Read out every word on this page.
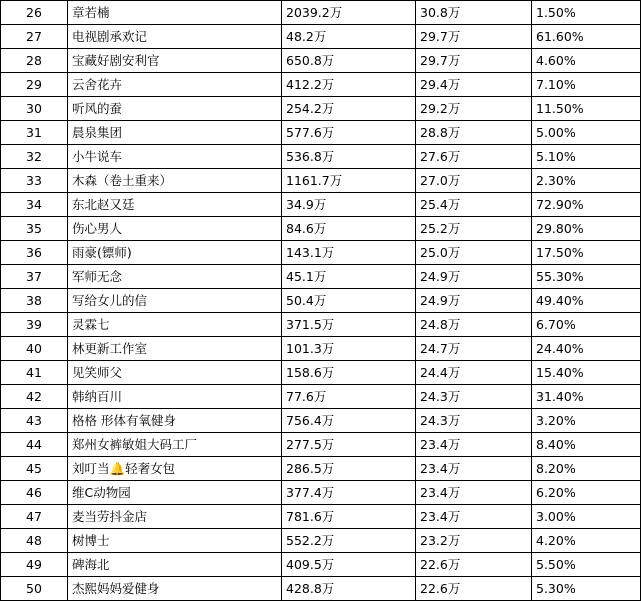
26	章若楠	2039.2万	30.8万	1.50%
27	电视剧承欢记	48.2万	29.7万	61.60%
28	宝藏好剧安利官	650.8万	29.7万	4.60%
29	云舍花卉	412.2万	29.4万	7.10%
30	听风的蚕	254.2万	29.2万	11.50%
31	晨泉集团	577.6万	28.8万	5.00%
32	小牛说车	536.8万	27.6万	5.10%
33	木森（卷土重来）	1161.7万	27.0万	2.30%
34	东北赵又廷	34.9万	25.4万	72.90%
35	伤心男人	84.6万	25.2万	29.80%
36	雨豪(镖师)	143.1万	25.0万	17.50%
37	军师无念	45.1万	24.9万	55.30%
38	写给女儿的信	50.4万	24.9万	49.40%
39	灵霖七	371.5万	24.8万	6.70%
40	林更新工作室	101.3万	24.7万	24.40%
41	见笑师父	158.6万	24.4万	15.40%
42	韩纳百川	77.6万	24.3万	31.40%
43	格格 形体有氧健身	756.4万	24.3万	3.20%
44	郑州女裤敏姐大码工厂	277.5万	23.4万	8.40%
45	刘叮当🔔轻奢女包	286.5万	23.4万	8.20%
46	维C动物园	377.4万	23.4万	6.20%
47	麦当劳抖金店	781.6万	23.4万	3.00%
48	树博士	552.2万	23.2万	4.20%
49	碑海北	409.5万	22.6万	5.50%
50	杰熙妈妈爱健身	428.8万	22.6万	5.30%
